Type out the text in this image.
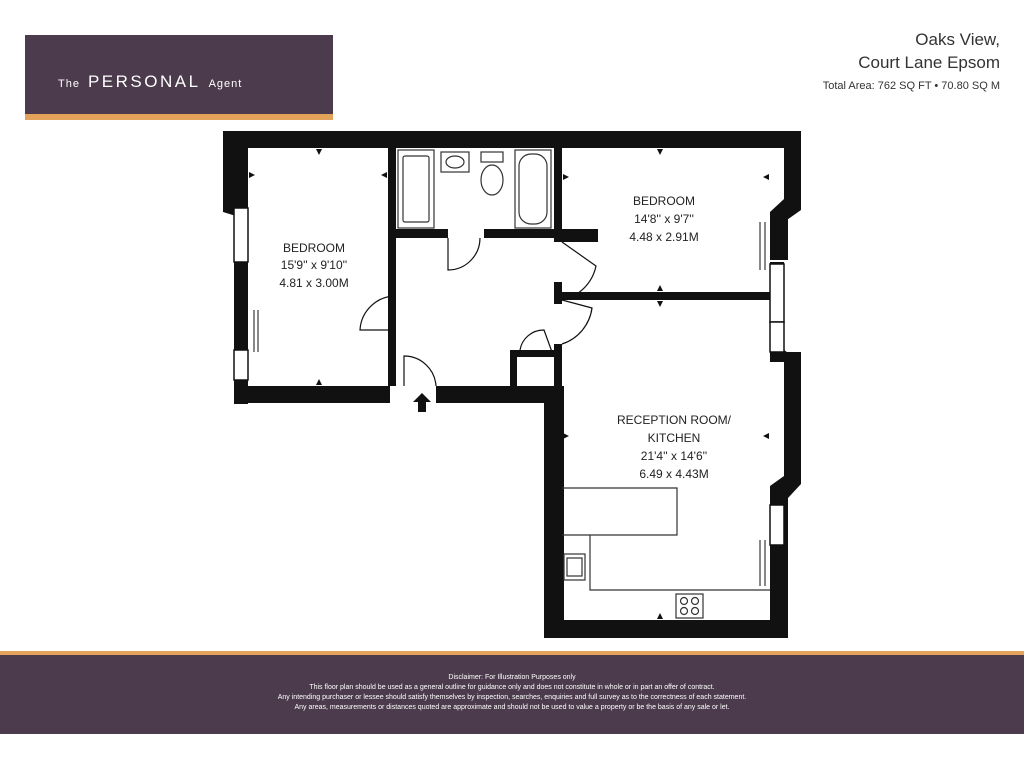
The PERSONAL Agent
Oaks View,
Court Lane Epsom
Total Area: 762 SQ FT • 70.80 SQ M
BEDROOM
15'9'' x 9'10''
4.81 x 3.00M
BEDROOM
14'8'' x 9'7''
4.48 x 2.91M
RECEPTION ROOM/
KITCHEN
21'4'' x 14'6''
6.49 x 4.43M
Disclaimer: For Illustration Purposes only
This floor plan should be used as a general outline for guidance only and does not constitute in whole or in part an offer of contract.
Any intending purchaser or lessee should satisfy themselves by inspection, searches, enquiries and full survey as to the correctness of each statement.
Any areas, measurements or distances quoted are approximate and should not be used to value a property or be the basis of any sale or let.
